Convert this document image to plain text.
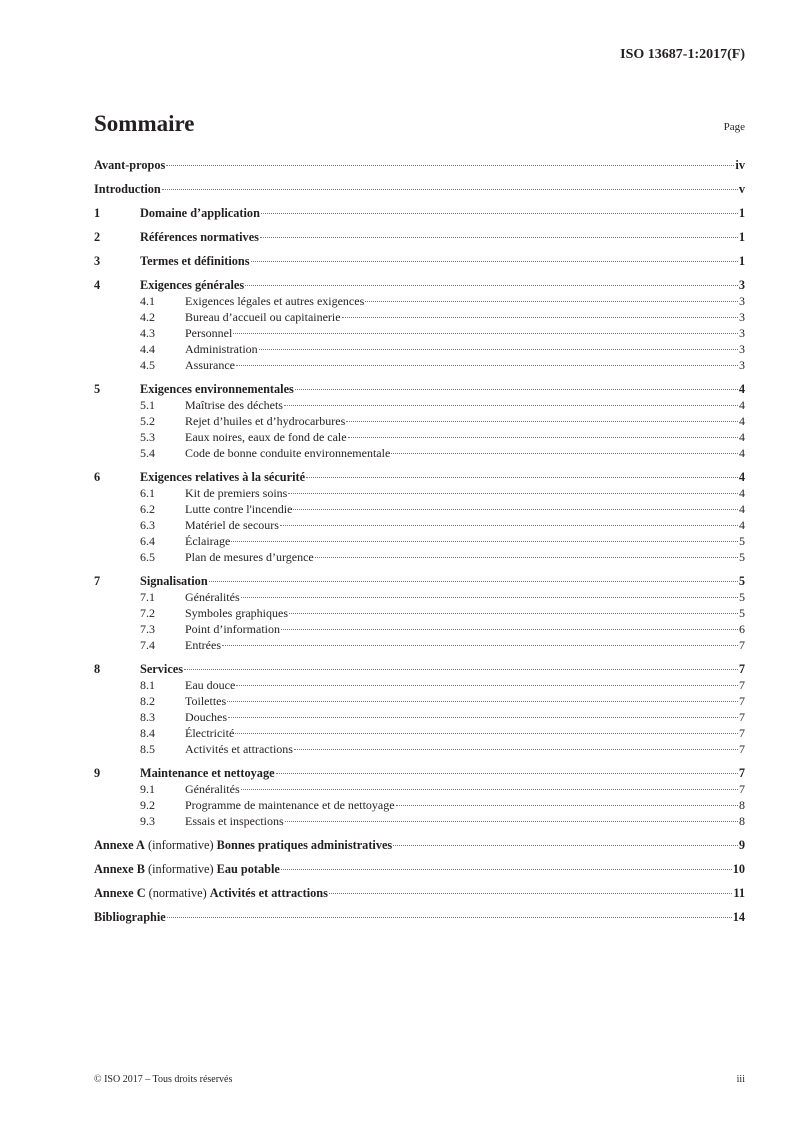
ISO 13687-1:2017(F)
Sommaire	Page
Avant-propos	iv
Introduction	v
1	Domaine d’application	1
2	Références normatives	1
3	Termes et définitions	1
4	Exigences générales	3
4.1	Exigences légales et autres exigences	3
4.2	Bureau d’accueil ou capitainerie	3
4.3	Personnel	3
4.4	Administration	3
4.5	Assurance	3
5	Exigences environnementales	4
5.1	Maîtrise des déchets	4
5.2	Rejet d’huiles et d’hydrocarbures	4
5.3	Eaux noires, eaux de fond de cale	4
5.4	Code de bonne conduite environnementale	4
6	Exigences relatives à la sécurité	4
6.1	Kit de premiers soins	4
6.2	Lutte contre l'incendie	4
6.3	Matériel de secours	4
6.4	Éclairage	5
6.5	Plan de mesures d’urgence	5
7	Signalisation	5
7.1	Généralités	5
7.2	Symboles graphiques	5
7.3	Point d’information	6
7.4	Entrées	7
8	Services	7
8.1	Eau douce	7
8.2	Toilettes	7
8.3	Douches	7
8.4	Électricité	7
8.5	Activités et attractions	7
9	Maintenance et nettoyage	7
9.1	Généralités	7
9.2	Programme de maintenance et de nettoyage	8
9.3	Essais et inspections	8
Annexe A (informative) Bonnes pratiques administratives	9
Annexe B (informative) Eau potable	10
Annexe C (normative) Activités et attractions	11
Bibliographie	14
© ISO 2017 – Tous droits réservés	iii
